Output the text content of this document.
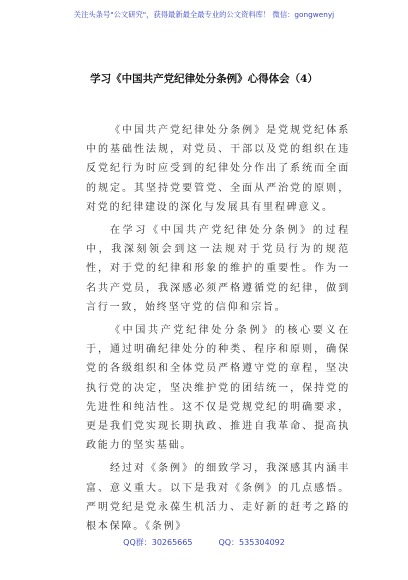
关注头条号"公文研究"，获得最新最全最专业的公文资料库！ 微信：gongwenyj
学习《中国共产党纪律处分条例》心得体会（4）

《中国共产党纪律处分条例》是党规党纪体系中的基础性法规，对党员、干部以及党的组织在违反党纪行为时应受到的纪律处分作出了系统而全面的规定。其坚持党要管党、全面从严治党的原则，对党的纪律建设的深化与发展具有里程碑意义。

在学习《中国共产党纪律处分条例》的过程中，我深刻领会到这一法规对于党员行为的规范性，对于党的纪律和形象的维护的重要性。作为一名共产党员，我深感必须严格遵循党的纪律，做到言行一致，始终坚守党的信仰和宗旨。

《中国共产党纪律处分条例》的核心要义在于，通过明确纪律处分的种类、程序和原则，确保党的各级组织和全体党员严格遵守党的章程，坚决执行党的决定，坚决维护党的团结统一，保持党的先进性和纯洁性。这不仅是党规党纪的明确要求，更是我们党实现长期执政、推进自我革命、提高执政能力的坚实基础。

经过对《条例》的细致学习，我深感其内涵丰富、意义重大。以下是我对《条例》的几点感悟。严明党纪是党永葆生机活力、走好新的赶考之路的根本保障。《条例》

QQ群：30265665	QQ：535304092
